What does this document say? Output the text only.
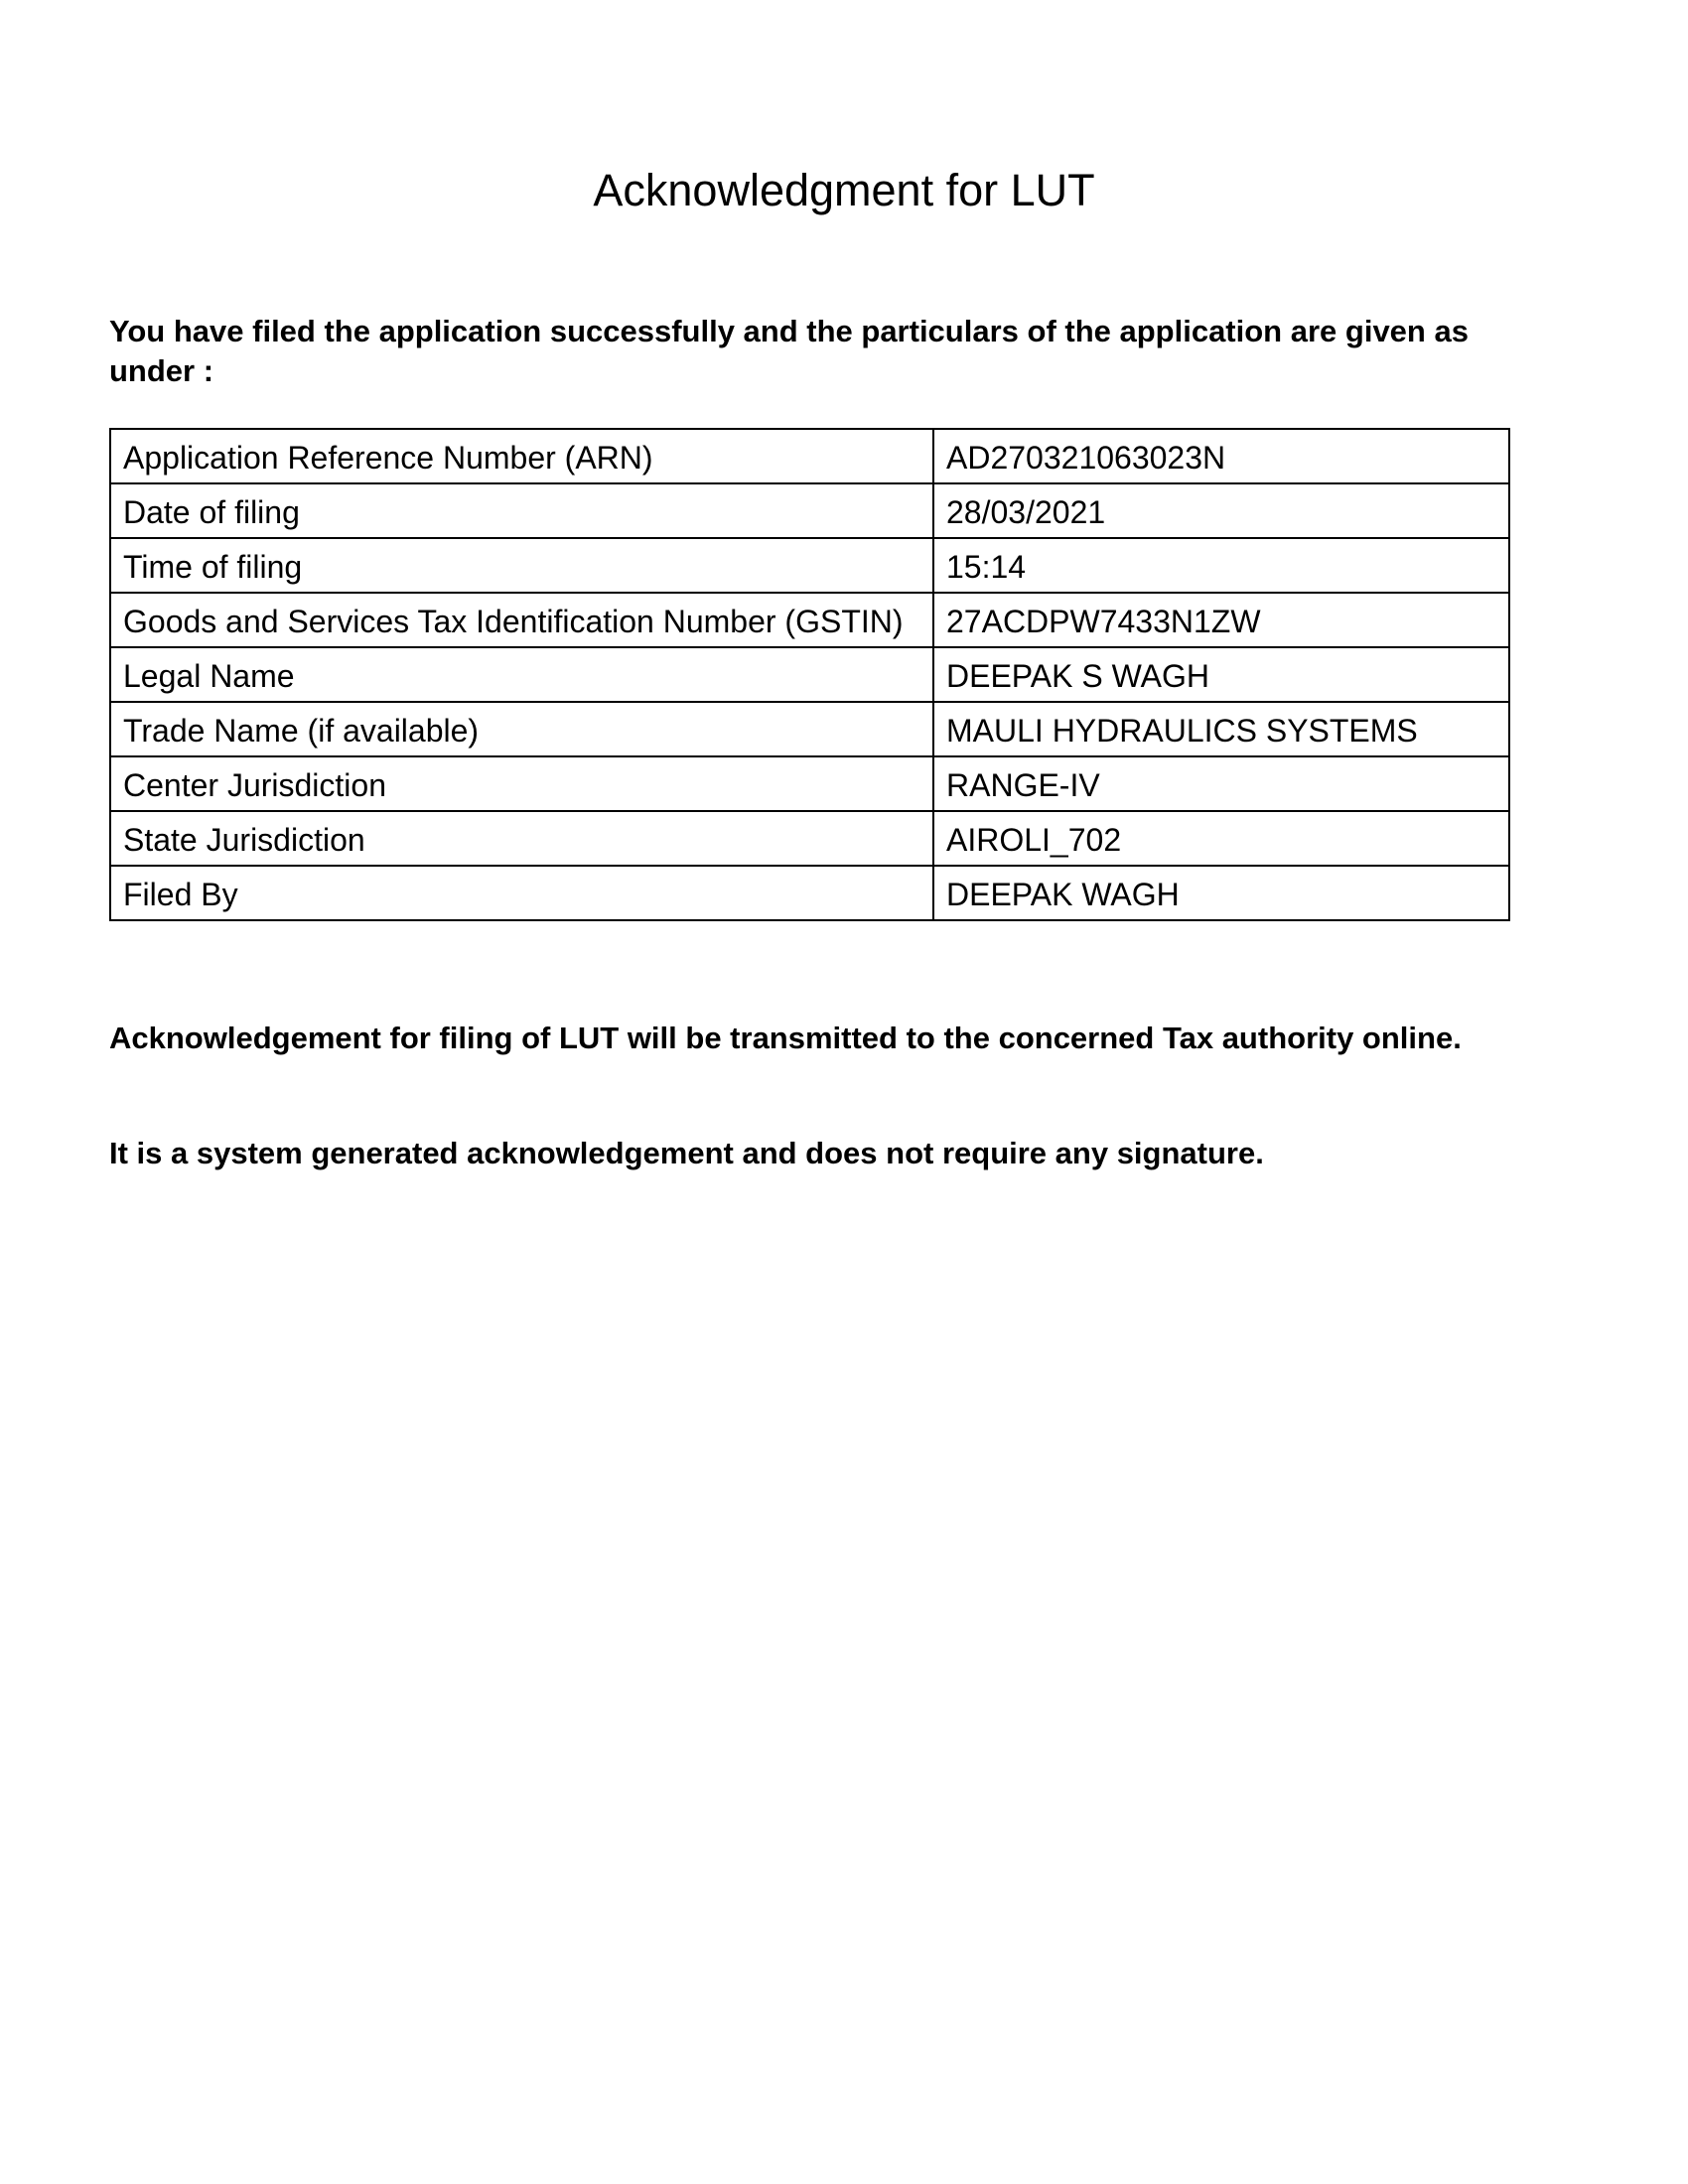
Acknowledgment for LUT

You have filed the application successfully and the particulars of the application are given as under :

Application Reference Number (ARN)	AD270321063023N
Date of filing	28/03/2021
Time of filing	15:14
Goods and Services Tax Identification Number (GSTIN)	27ACDPW7433N1ZW
Legal Name	DEEPAK S WAGH
Trade Name (if available)	MAULI HYDRAULICS SYSTEMS
Center Jurisdiction	RANGE-IV
State Jurisdiction	AIROLI_702
Filed By	DEEPAK WAGH

Acknowledgement for filing of LUT will be transmitted to the concerned Tax authority online.

It is a system generated acknowledgement and does not require any signature.
